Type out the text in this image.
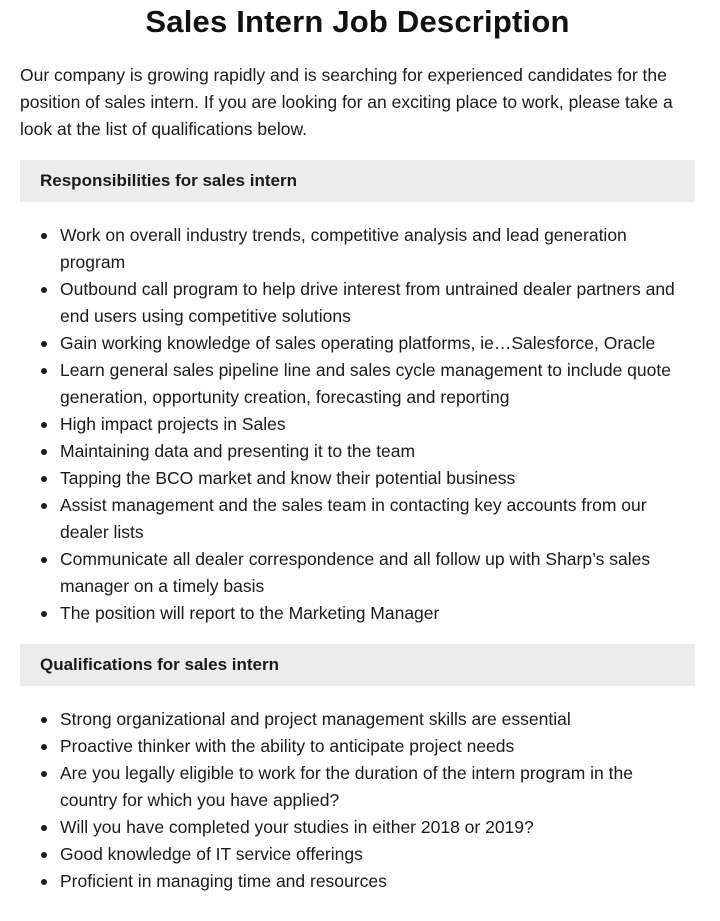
Sales Intern Job Description

Our company is growing rapidly and is searching for experienced candidates for the position of sales intern. If you are looking for an exciting place to work, please take a look at the list of qualifications below.

Responsibilities for sales intern
Work on overall industry trends, competitive analysis and lead generation program
Outbound call program to help drive interest from untrained dealer partners and end users using competitive solutions
Gain working knowledge of sales operating platforms, ie…Salesforce, Oracle
Learn general sales pipeline line and sales cycle management to include quote generation, opportunity creation, forecasting and reporting
High impact projects in Sales
Maintaining data and presenting it to the team
Tapping the BCO market and know their potential business
Assist management and the sales team in contacting key accounts from our dealer lists
Communicate all dealer correspondence and all follow up with Sharp’s sales manager on a timely basis
The position will report to the Marketing Manager
Qualifications for sales intern
Strong organizational and project management skills are essential
Proactive thinker with the ability to anticipate project needs
Are you legally eligible to work for the duration of the intern program in the country for which you have applied?
Will you have completed your studies in either 2018 or 2019?
Good knowledge of IT service offerings
Proficient in managing time and resources
